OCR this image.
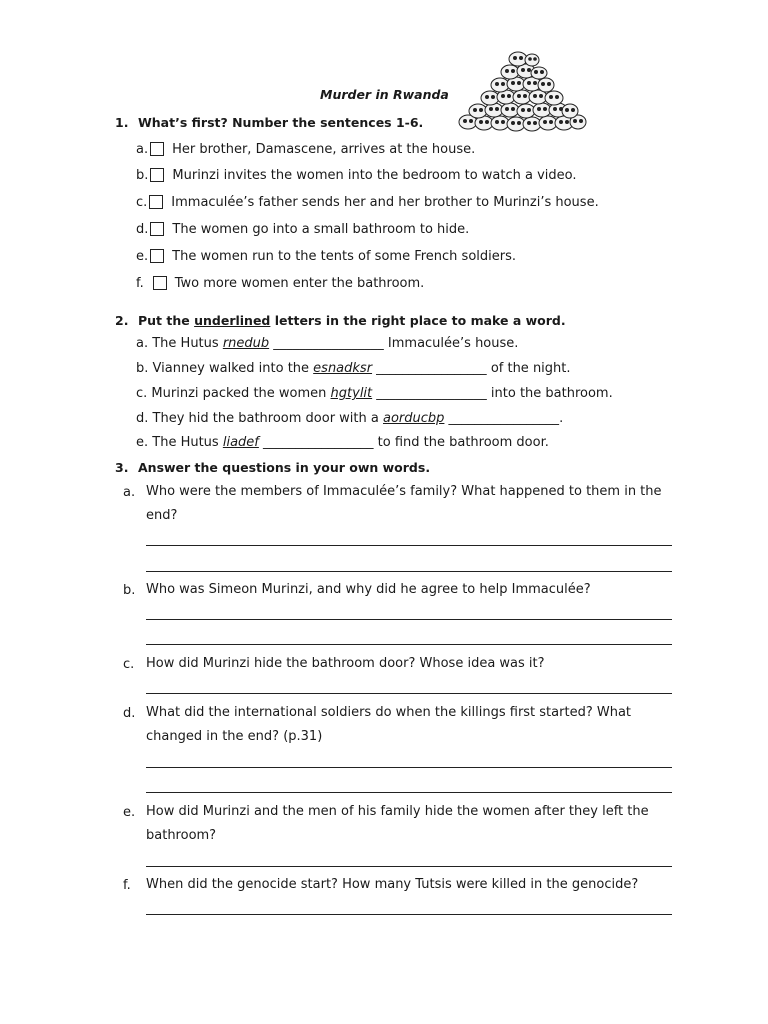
Murder in Rwanda
1. What’s first? Number the sentences 1-6.
a. Her brother, Damascene, arrives at the house.
b. Murinzi invites the women into the bedroom to watch a video.
c. Immaculée’s father sends her and her brother to Murinzi’s house.
d. The women go into a small bathroom to hide.
e. The women run to the tents of some French soldiers.
f. Two more women enter the bathroom.
2. Put the underlined letters in the right place to make a word.
a. The Hutus rnedub _________________ Immaculée’s house.
b. Vianney walked into the esnadksr _________________ of the night.
c. Murinzi packed the women hgtylit _________________ into the bathroom.
d. They hid the bathroom door with a aorducbp _________________.
e. The Hutus liadef _________________ to find the bathroom door.
3. Answer the questions in your own words.
a. Who were the members of Immaculée’s family? What happened to them in the end?
b. Who was Simeon Murinzi, and why did he agree to help Immaculée?
c. How did Murinzi hide the bathroom door? Whose idea was it?
d. What did the international soldiers do when the killings first started? What changed in the end? (p.31)
e. How did Murinzi and the men of his family hide the women after they left the bathroom?
f. When did the genocide start? How many Tutsis were killed in the genocide?
